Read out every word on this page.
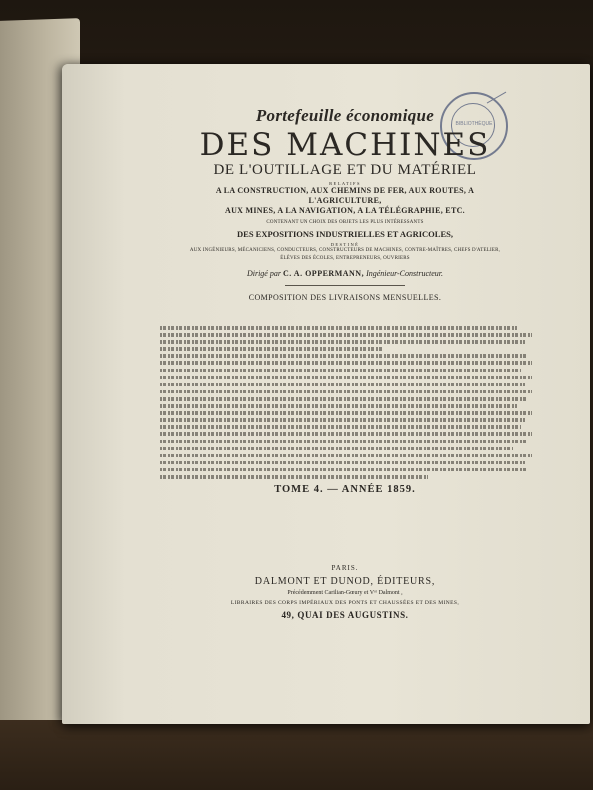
BIBLIOTHÈQUE
Portefeuille économique
DES MACHINES
DE L'OUTILLAGE ET DU MATÉRIEL
RELATIFS
A LA CONSTRUCTION, AUX CHEMINS DE FER, AUX ROUTES, A L'AGRICULTURE,
AUX MINES, A LA NAVIGATION, A LA TÉLÉGRAPHIE, ETC.
CONTENANT UN CHOIX DES OBJETS LES PLUS INTÉRESSANTS
DES EXPOSITIONS INDUSTRIELLES ET AGRICOLES,
DESTINÉ
AUX INGÉNIEURS, MÉCANICIENS, CONDUCTEURS, CONSTRUCTEURS DE MACHINES, CONTRE-MAÎTRES, CHEFS D'ATELIER,
ÉLÈVES DES ÉCOLES, ENTREPRENEURS, OUVRIERS
Dirigé par C. A. OPPERMANN, Ingénieur-Constructeur.
COMPOSITION DES LIVRAISONS MENSUELLES.
TOME 4. — ANNÉE 1859.
PARIS.
DALMONT ET DUNOD, ÉDITEURS,
Précédemment Carilian-Gœury et Vᵒʳ Dalmont ,
LIBRAIRES DES CORPS IMPÉRIAUX DES PONTS ET CHAUSSÉES ET DES MINES,
49, QUAI DES AUGUSTINS.
